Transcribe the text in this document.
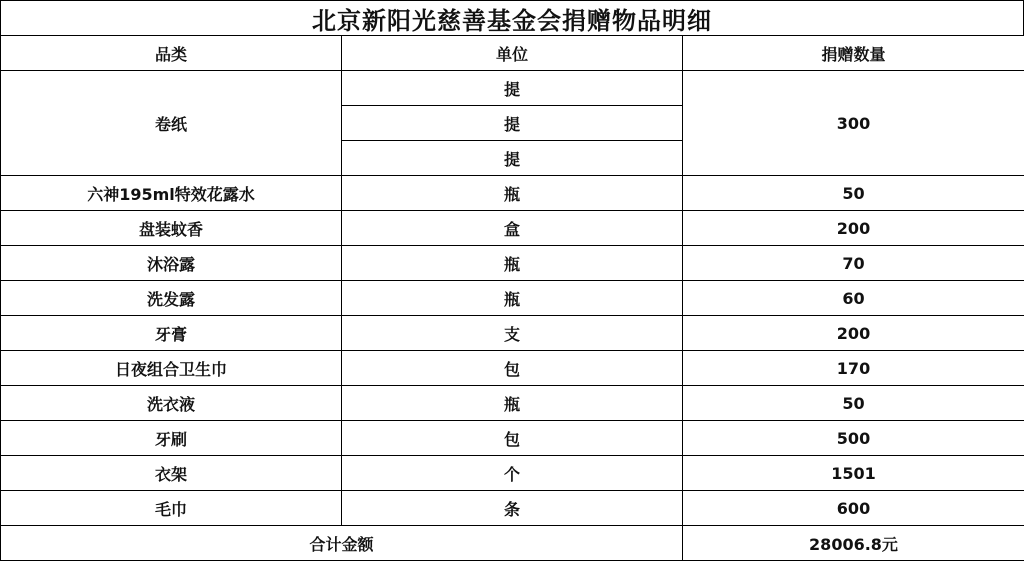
北京新阳光慈善基金会捐赠物品明细
品类	单位	捐赠数量
卷纸	提	300
	提	
	提	
六神195ml特效花露水	瓶	50
盘装蚊香	盒	200
沐浴露	瓶	70
洗发露	瓶	60
牙膏	支	200
日夜组合卫生巾	包	170
洗衣液	瓶	50
牙刷	包	500
衣架	个	1501
毛巾	条	600
合计金额		28006.8元
